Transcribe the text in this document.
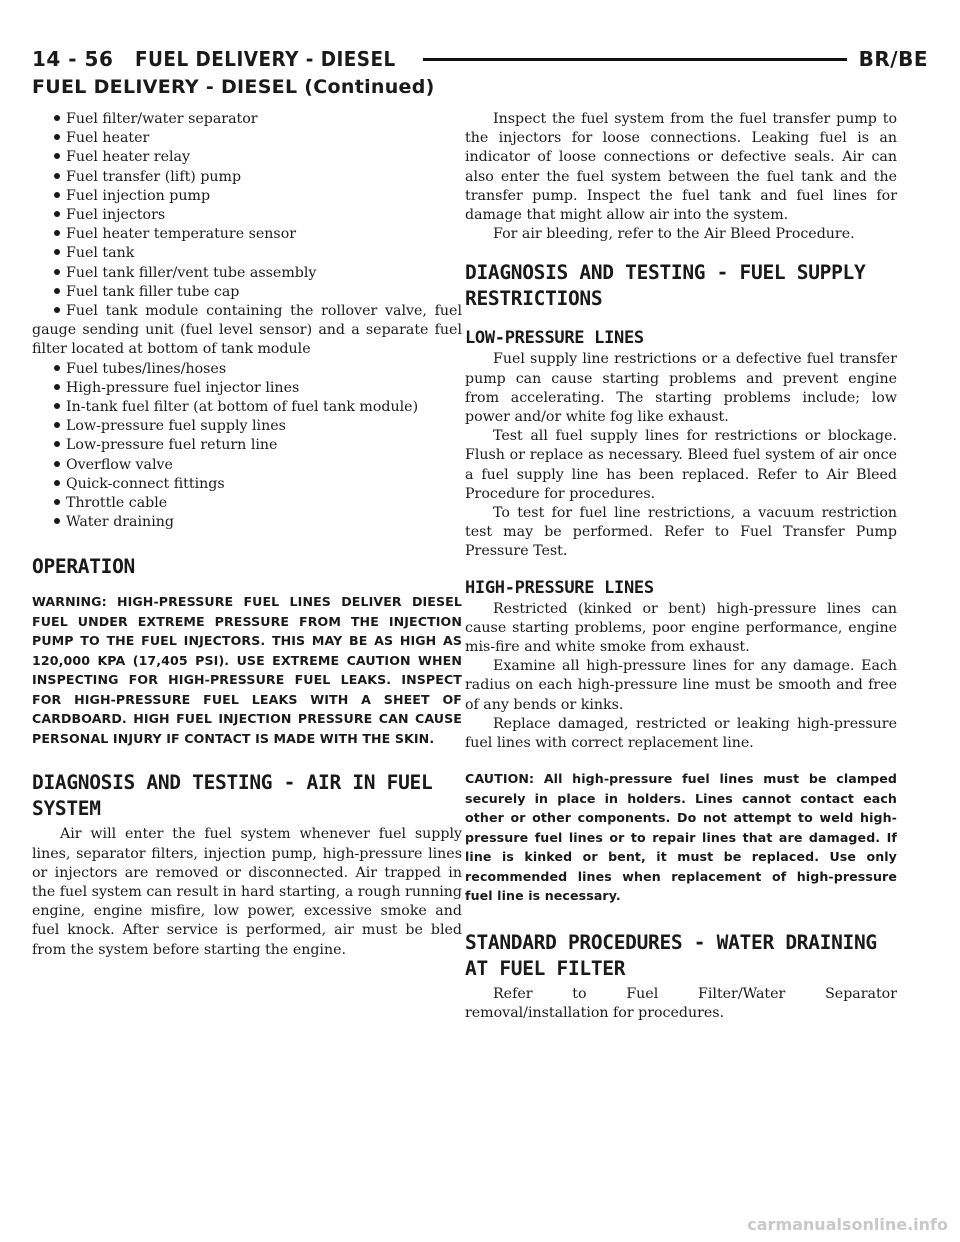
14 - 56 FUEL DELIVERY - DIESEL	BR/BE
FUEL DELIVERY - DIESEL (Continued)
Fuel filter/water separator
Fuel heater
Fuel heater relay
Fuel transfer (lift) pump
Fuel injection pump
Fuel injectors
Fuel heater temperature sensor
Fuel tank
Fuel tank filler/vent tube assembly
Fuel tank filler tube cap
Fuel tank module containing the rollover valve, fuel gauge sending unit (fuel level sensor) and a separate fuel filter located at bottom of tank module
Fuel tubes/lines/hoses
High-pressure fuel injector lines
In-tank fuel filter (at bottom of fuel tank module)
Low-pressure fuel supply lines
Low-pressure fuel return line
Overflow valve
Quick-connect fittings
Throttle cable
Water draining
OPERATION

WARNING: HIGH-PRESSURE FUEL LINES DELIVER DIESEL FUEL UNDER EXTREME PRESSURE FROM THE INJECTION PUMP TO THE FUEL INJECTORS. THIS MAY BE AS HIGH AS 120,000 KPA (17,405 PSI). USE EXTREME CAUTION WHEN INSPECTING FOR HIGH-PRESSURE FUEL LEAKS. INSPECT FOR HIGH-PRESSURE FUEL LEAKS WITH A SHEET OF CARDBOARD. HIGH FUEL INJECTION PRESSURE CAN CAUSE PERSONAL INJURY IF CONTACT IS MADE WITH THE SKIN.

DIAGNOSIS AND TESTING - AIR IN FUEL SYSTEM

Air will enter the fuel system whenever fuel supply lines, separator filters, injection pump, high-pressure lines or injectors are removed or disconnected. Air trapped in the fuel system can result in hard starting, a rough running engine, engine misfire, low power, excessive smoke and fuel knock. After service is performed, air must be bled from the system before starting the engine.

Inspect the fuel system from the fuel transfer pump to the injectors for loose connections. Leaking fuel is an indicator of loose connections or defective seals. Air can also enter the fuel system between the fuel tank and the transfer pump. Inspect the fuel tank and fuel lines for damage that might allow air into the system.

For air bleeding, refer to the Air Bleed Procedure.

DIAGNOSIS AND TESTING - FUEL SUPPLY RESTRICTIONS
LOW-PRESSURE LINES

Fuel supply line restrictions or a defective fuel transfer pump can cause starting problems and prevent engine from accelerating. The starting problems include; low power and/or white fog like exhaust.

Test all fuel supply lines for restrictions or blockage. Flush or replace as necessary. Bleed fuel system of air once a fuel supply line has been replaced. Refer to Air Bleed Procedure for procedures.

To test for fuel line restrictions, a vacuum restriction test may be performed. Refer to Fuel Transfer Pump Pressure Test.

HIGH-PRESSURE LINES

Restricted (kinked or bent) high-pressure lines can cause starting problems, poor engine performance, engine mis-fire and white smoke from exhaust.

Examine all high-pressure lines for any damage. Each radius on each high-pressure line must be smooth and free of any bends or kinks.

Replace damaged, restricted or leaking high-pressure fuel lines with correct replacement line.

CAUTION: All high-pressure fuel lines must be clamped securely in place in holders. Lines cannot contact each other or other components. Do not attempt to weld high-pressure fuel lines or to repair lines that are damaged. If line is kinked or bent, it must be replaced. Use only recommended lines when replacement of high-pressure fuel line is necessary.

STANDARD PROCEDURES - WATER DRAINING AT FUEL FILTER

Refer to Fuel Filter/Water Separator removal/installation for procedures.

carmanualsonline.info
